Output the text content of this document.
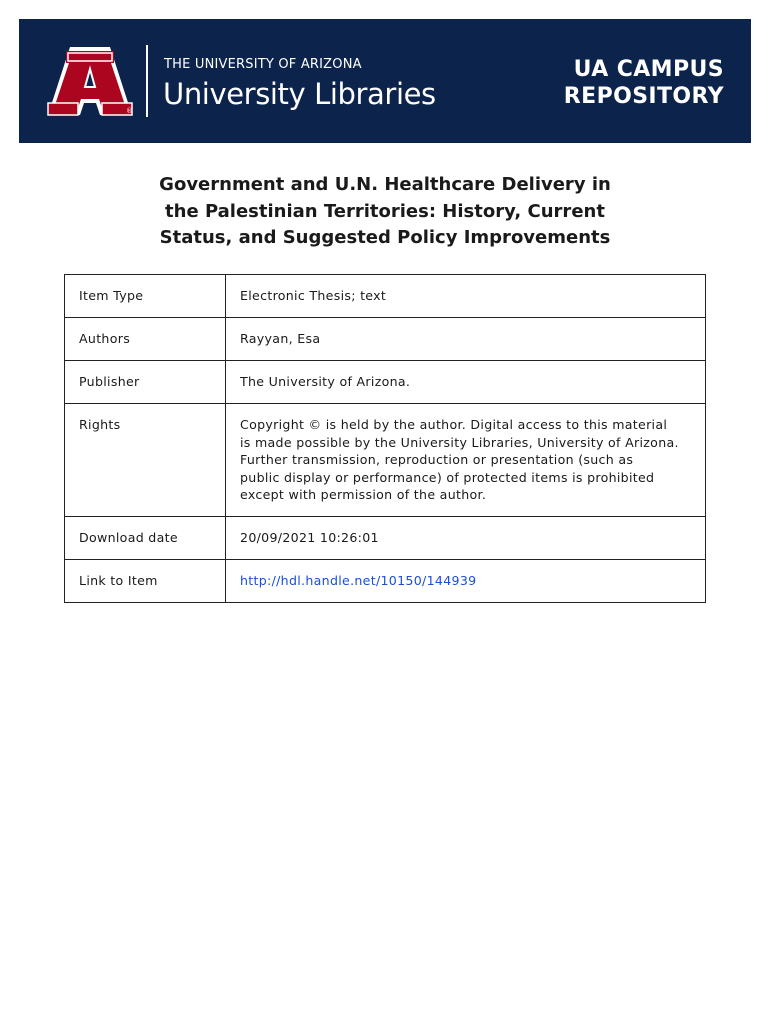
®
THE UNIVERSITY OF ARIZONA
University Libraries
UA CAMPUS
REPOSITORY
Government and U.N. Healthcare Delivery in
the Palestinian Territories: History, Current
Status, and Suggested Policy Improvements
Item Type	Electronic Thesis; text
Authors	Rayyan, Esa
Publisher	The University of Arizona.
Rights	Copyright © is held by the author. Digital access to this material
is made possible by the University Libraries, University of Arizona.
Further transmission, reproduction or presentation (such as
public display or performance) of protected items is prohibited
except with permission of the author.

Download date	20/09/2021 10:26:01
Link to Item	http://hdl.handle.net/10150/144939
